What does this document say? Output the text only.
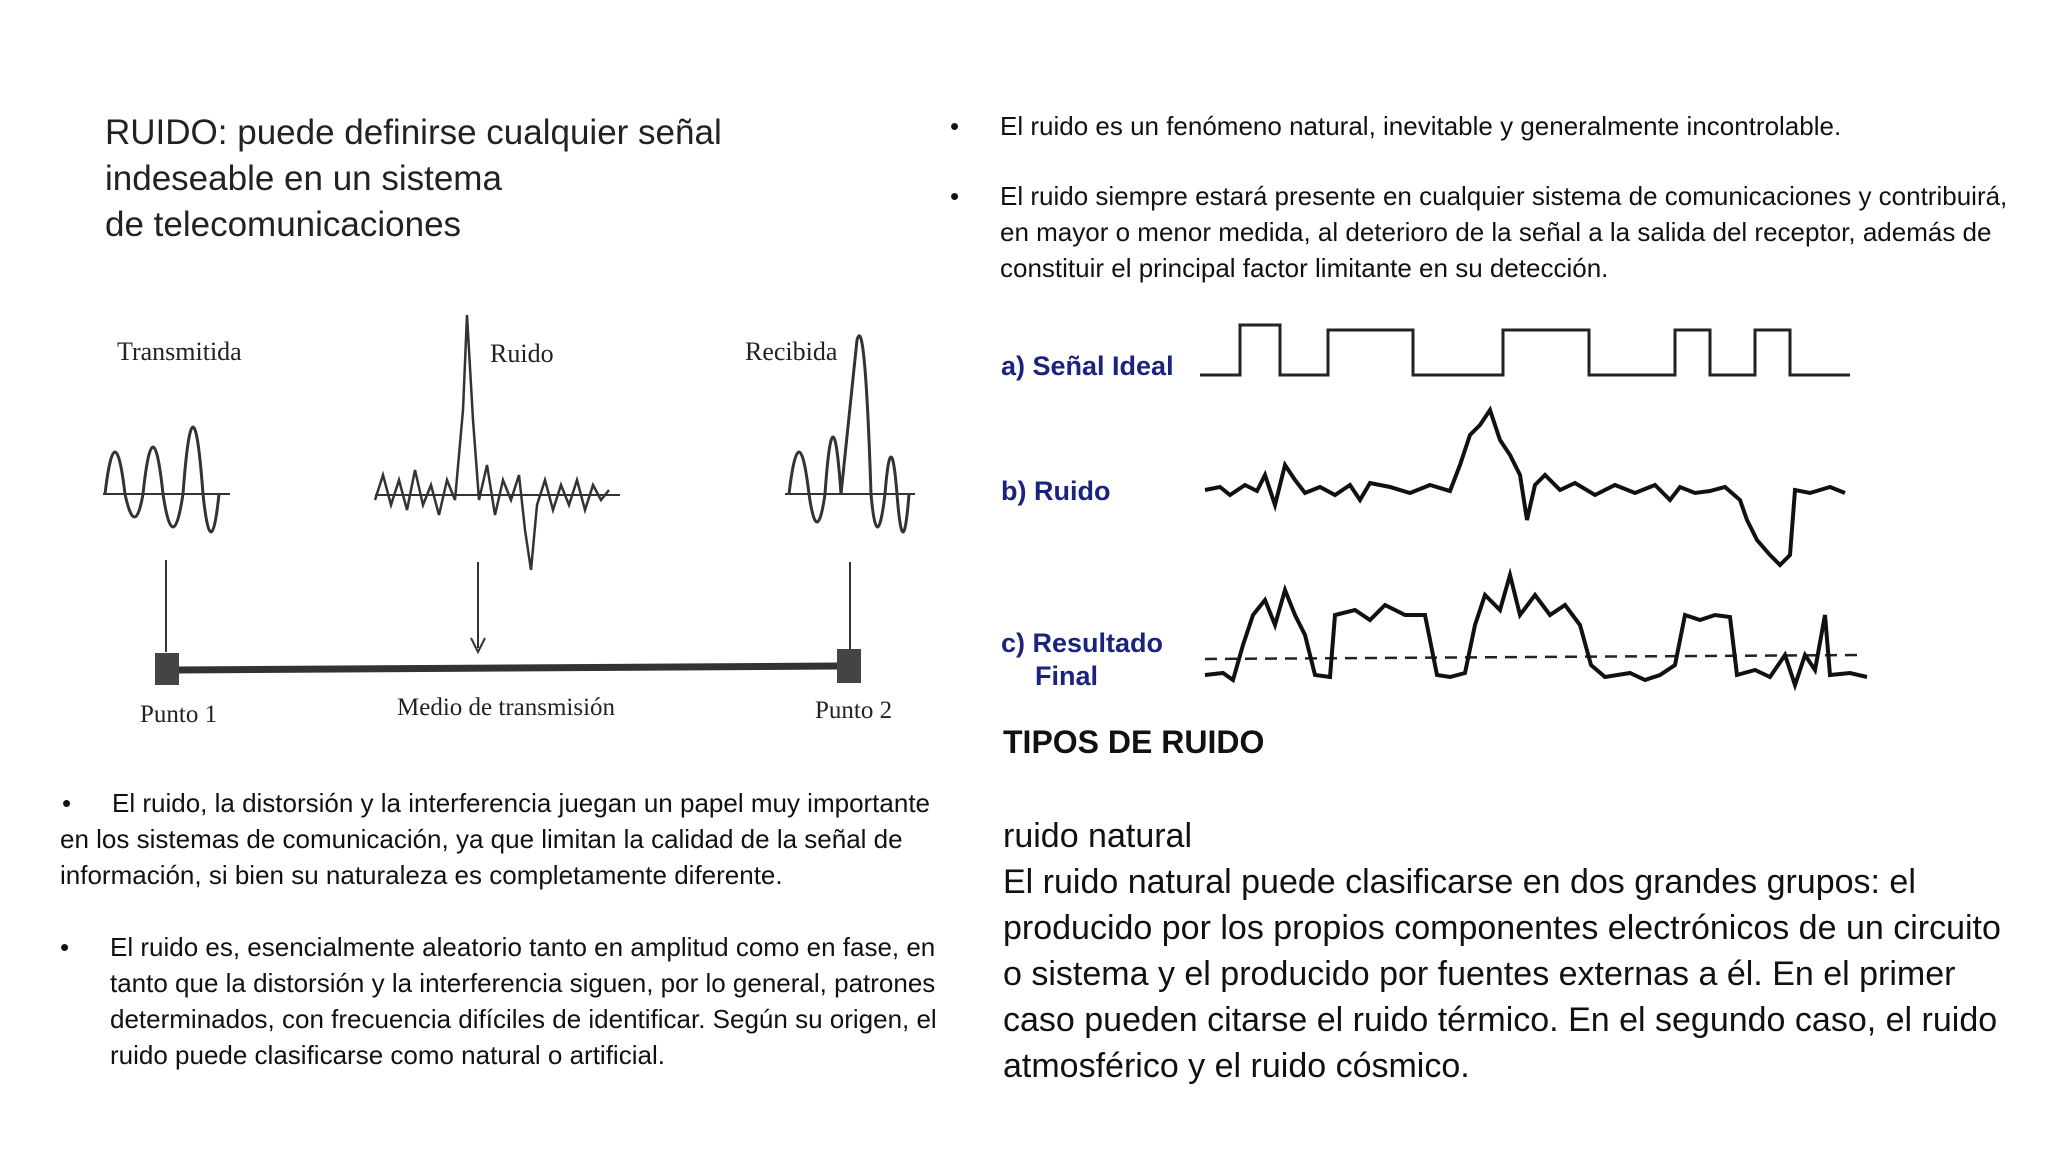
RUIDO: puede definirse cualquier señal
indeseable en un sistema
de telecomunicaciones
Transmitida	Ruido	Recibida
Punto 1	Medio de transmisión	Punto 2
• El ruido es un fenómeno natural, inevitable y generalmente incontrolable.
• El ruido siempre estará presente en cualquier sistema de comunicaciones y contribuirá, en mayor o menor medida, al deterioro de la señal a la salida del receptor, además de constituir el principal factor limitante en su detección.
a) Señal Ideal
b) Ruido
c) Resultado
Final
• El ruido, la distorsión y la interferencia juegan un papel muy importante en los sistemas de comunicación, ya que limitan la calidad de la señal de información, si bien su naturaleza es completamente diferente.
• El ruido es, esencialmente aleatorio tanto en amplitud como en fase, en tanto que la distorsión y la interferencia siguen, por lo general, patrones determinados, con frecuencia difíciles de identificar. Según su origen, el ruido puede clasificarse como natural o artificial.
TIPOS DE RUIDO
ruido natural
El ruido natural puede clasificarse en dos grandes grupos: el producido por los propios componentes electrónicos de un circuito o sistema y el producido por fuentes externas a él. En el primer caso pueden citarse el ruido térmico. En el segundo caso, el ruido atmosférico y el ruido cósmico.
